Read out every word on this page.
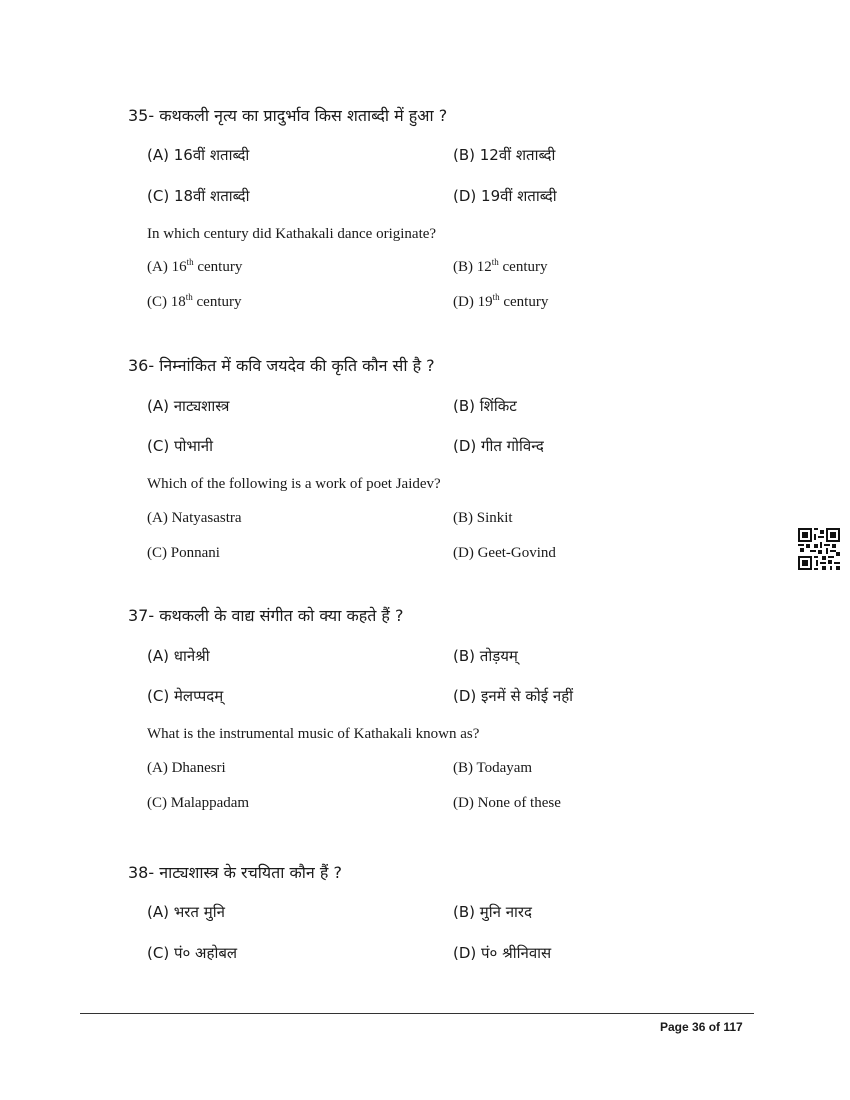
35- कथकली नृत्य का प्रादुर्भाव किस शताब्दी में हुआ ?
(A) 16वीं शताब्दी	(B) 12वीं शताब्दी
(C) 18वीं शताब्दी	(D) 19वीं शताब्दी
In which century did Kathakali dance originate?
(A) 16th century	(B) 12th century
(C) 18th century	(D) 19th century
36- निम्नांकित में कवि जयदेव की कृति कौन सी है ?
(A) नाट्यशास्त्र	(B) शिंकिट
(C) पोभानी	(D) गीत गोविन्द
Which of the following is a work of poet Jaidev?
(A) Natyasastra	(B) Sinkit
(C) Ponnani	(D) Geet-Govind
37- कथकली के वाद्य संगीत को क्या कहते हैं ?
(A) धानेश्री	(B) तोड़यम्
(C) मेलप्पदम्	(D) इनमें से कोई नहीं
What is the instrumental music of Kathakali known as?
(A) Dhanesri	(B) Todayam
(C) Malappadam	(D) None of these
38- नाट्यशास्त्र के रचयिता कौन हैं ?
(A) भरत मुनि	(B) मुनि नारद
(C) पं० अहोबल	(D) पं० श्रीनिवास
Page 36 of 117
